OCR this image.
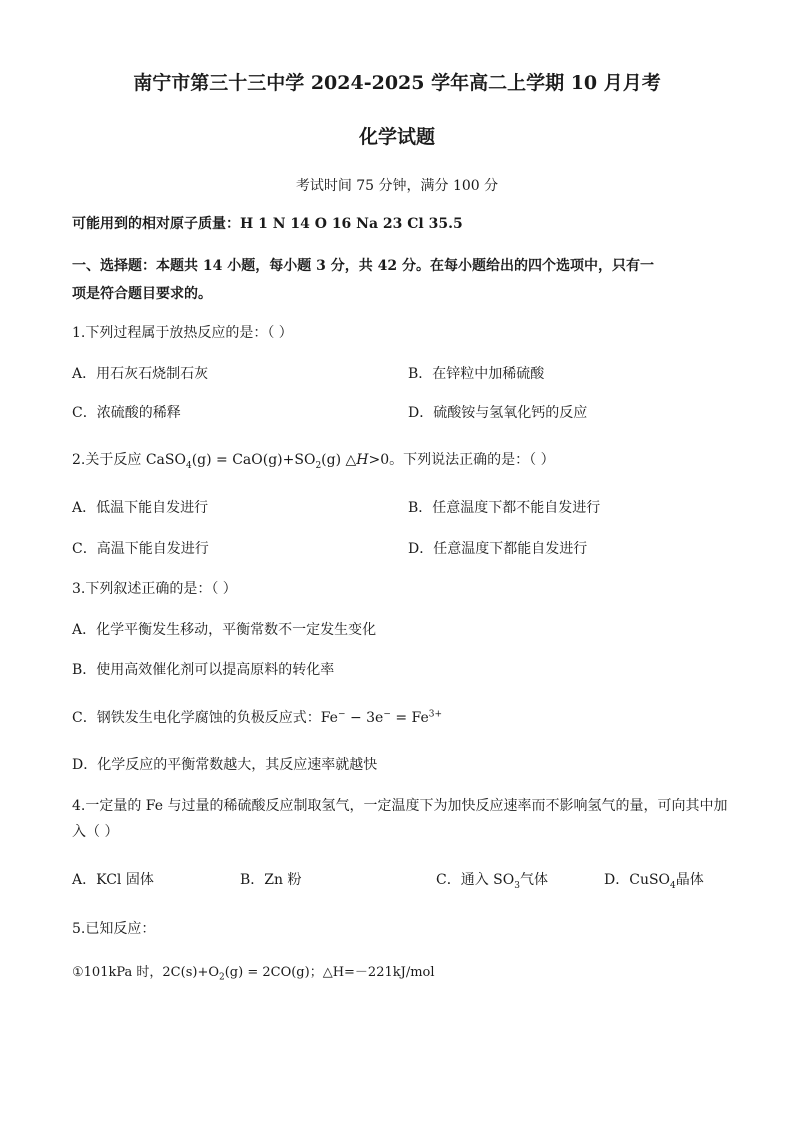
南宁市第三十三中学 2024-2025 学年高二上学期 10 月月考
化学试题
考试时间 75 分钟，满分 100 分
可能用到的相对原子质量：H 1 N 14 O 16 Na 23 Cl 35.5
一、选择题：本题共 14 小题，每小题 3 分，共 42 分。在每小题给出的四个选项中，只有一
项是符合题目要求的。
1.下列过程属于放热反应的是：（ ）
A．用石灰石烧制石灰	B．在锌粒中加稀硫酸
C．浓硫酸的稀释	D．硫酸铵与氢氧化钙的反应
2.关于反应 CaSO$_4$(g) = $CaO(g)+SO_2(g)$ △H>0。下列说法正确的是：（ ）
A．低温下能自发进行	B．任意温度下都不能自发进行
C．高温下能自发进行	D．任意温度下都能自发进行
3.下列叙述正确的是：（ ）
A．化学平衡发生移动，平衡常数不一定发生变化
B．使用高效催化剂可以提高原料的转化率
C．钢铁发生电化学腐蚀的负极反应式：$Fe^- - 3e^- = Fe^{3+}$
D．化学反应的平衡常数越大，其反应速率就越快
4.一定量的 Fe 与过量的稀硫酸反应制取氢气，一定温度下为加快反应速率而不影响氢气的量，可向其中加
入（ ）
A．KCl 固体	B．Zn 粉	C．通入 $SO_3$气体	D．CuSO$_4$晶体
5.已知反应：
①101kPa 时，$2C(s)+O_2(g) = 2CO(g)$；△H=－221kJ/mol
